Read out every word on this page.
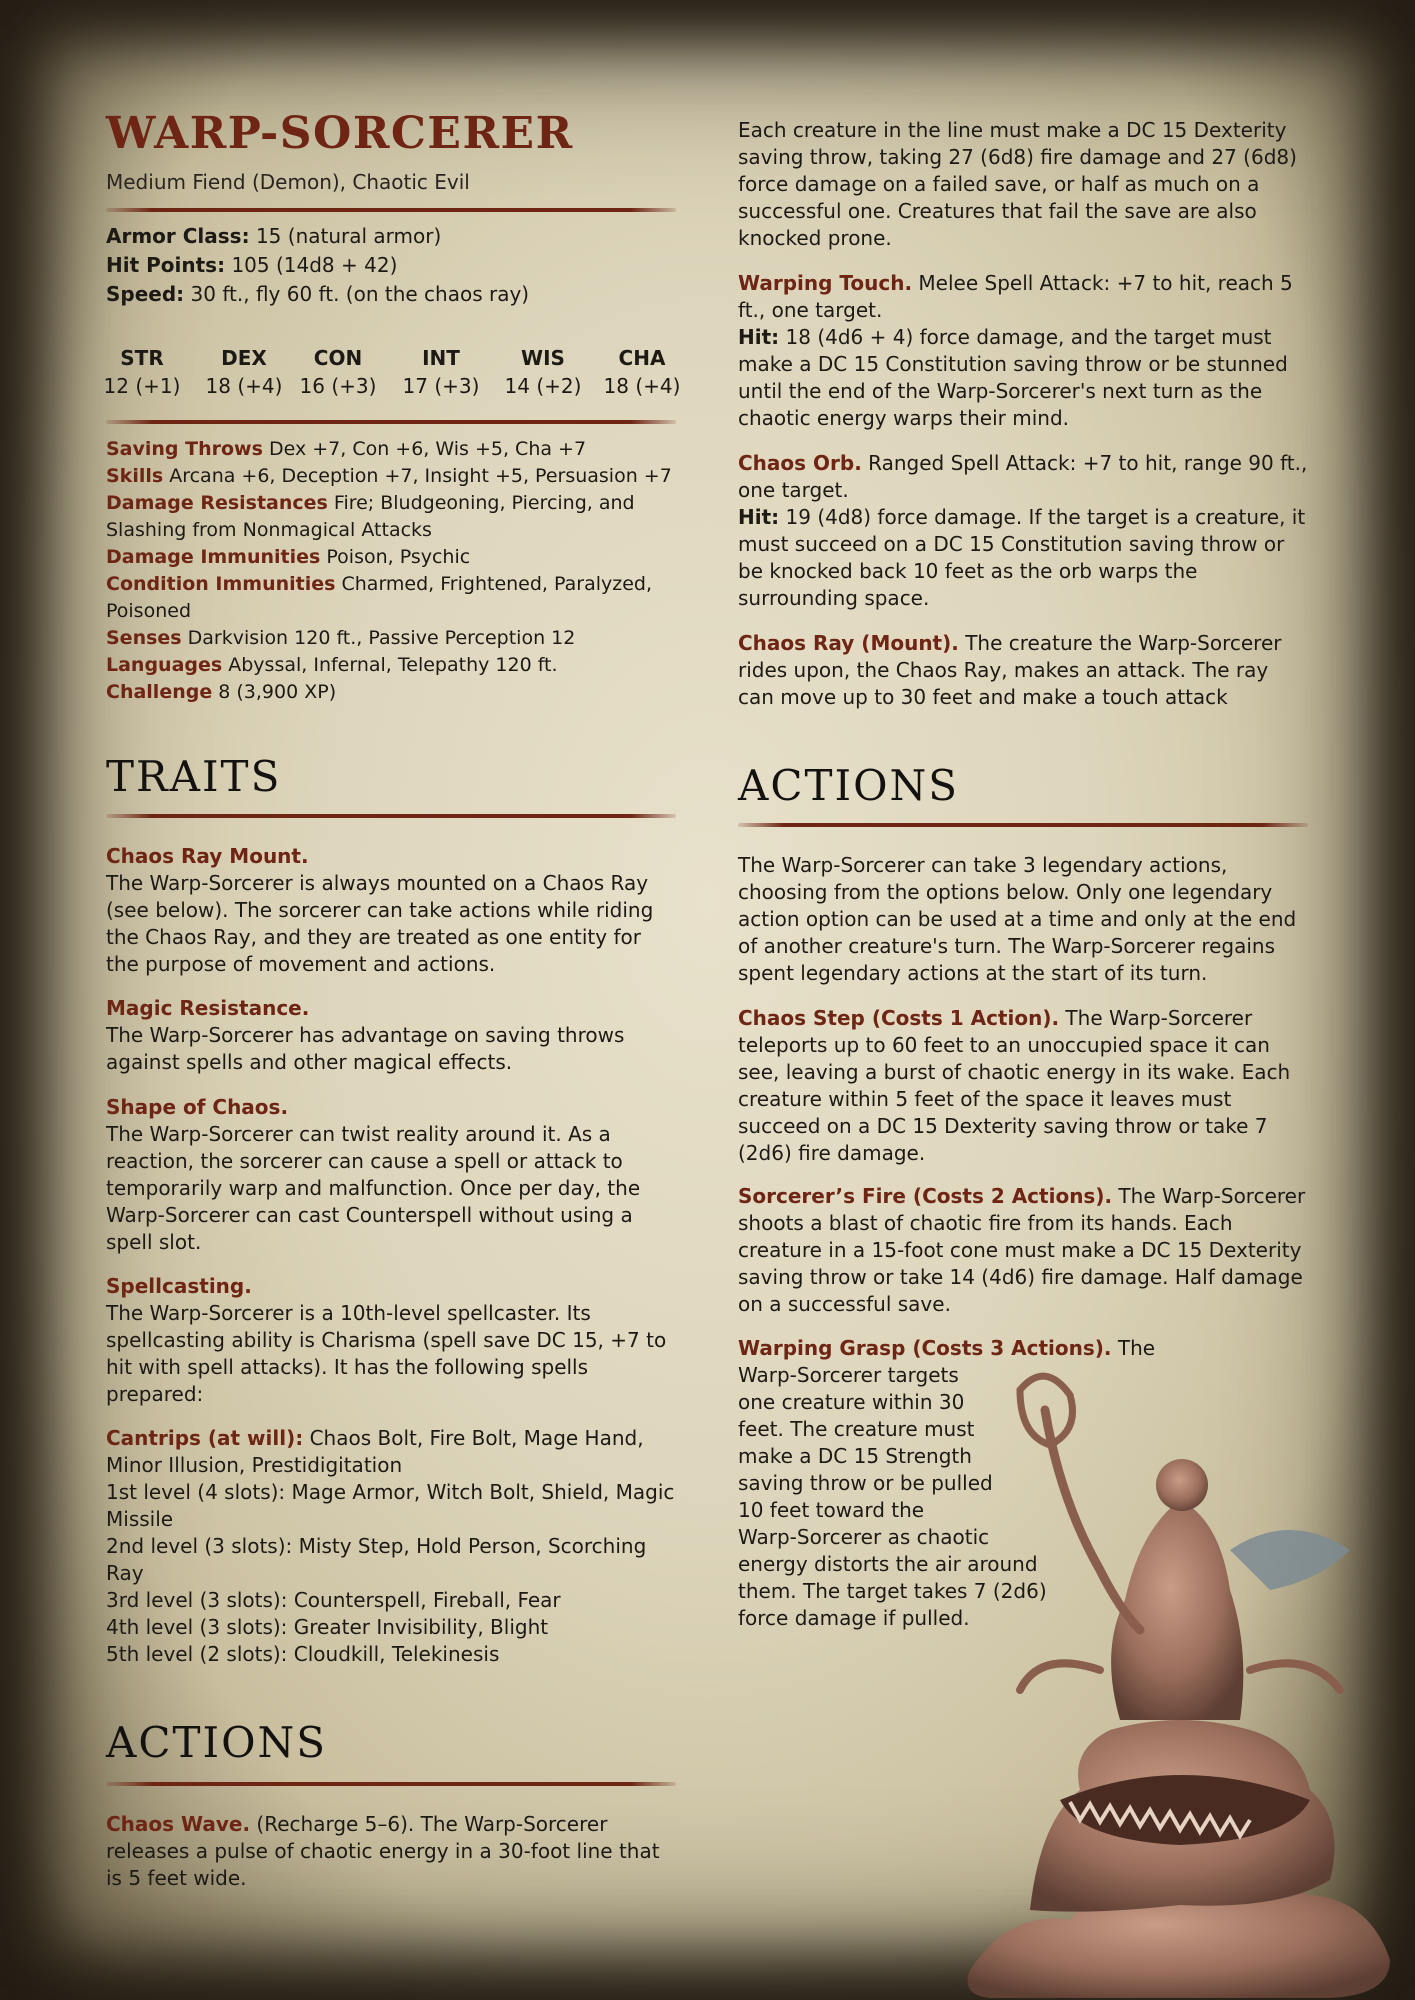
WARP-SORCERER
Medium Fiend (Demon), Chaotic Evil
Armor Class: 15 (natural armor)
Hit Points: 105 (14d8 + 42)
Speed: 30 ft., fly 60 ft. (on the chaos ray)
STR
12 (+1)
DEX
18 (+4)
CON
16 (+3)
INT
17 (+3)
WIS
14 (+2)
CHA
18 (+4)

Saving Throws Dex +7, Con +6, Wis +5, Cha +7

Skills Arcana +6, Deception +7, Insight +5, Persuasion +7

Damage Resistances Fire; Bludgeoning, Piercing, and Slashing from Nonmagical Attacks

Damage Immunities Poison, Psychic

Condition Immunities Charmed, Frightened, Paralyzed, Poisoned

Senses Darkvision 120 ft., Passive Perception 12

Languages Abyssal, Infernal, Telepathy 120 ft.

Challenge 8 (3,900 XP)

TRAITS

Chaos Ray Mount.

The Warp-Sorcerer is always mounted on a Chaos Ray (see below). The sorcerer can take actions while riding the Chaos Ray, and they are treated as one entity for the purpose of movement and actions.

Magic Resistance.

The Warp-Sorcerer has advantage on saving throws against spells and other magical effects.

Shape of Chaos.

The Warp-Sorcerer can twist reality around it. As a reaction, the sorcerer can cause a spell or attack to temporarily warp and malfunction. Once per day, the Warp-Sorcerer can cast Counterspell without using a spell slot.

Spellcasting.

The Warp-Sorcerer is a 10th-level spellcaster. Its spellcasting ability is Charisma (spell save DC 15, +7 to hit with spell attacks). It has the following spells prepared:

Cantrips (at will): Chaos Bolt, Fire Bolt, Mage Hand, Minor Illusion, Prestidigitation

1st level (4 slots): Mage Armor, Witch Bolt, Shield, Magic Missile

2nd level (3 slots): Misty Step, Hold Person, Scorching Ray

3rd level (3 slots): Counterspell, Fireball, Fear

4th level (3 slots): Greater Invisibility, Blight

5th level (2 slots): Cloudkill, Telekinesis

ACTIONS

Chaos Wave. (Recharge 5–6). The Warp-Sorcerer releases a pulse of chaotic energy in a 30-foot line that is 5 feet wide.

Each creature in the line must make a DC 15 Dexterity saving throw, taking 27 (6d8) fire damage and 27 (6d8) force damage on a failed save, or half as much on a successful one. Creatures that fail the save are also knocked prone.

Warping Touch. Melee Spell Attack: +7 to hit, reach 5 ft., one target.

Hit: 18 (4d6 + 4) force damage, and the target must make a DC 15 Constitution saving throw or be stunned until the end of the Warp-Sorcerer's next turn as the chaotic energy warps their mind.

Chaos Orb. Ranged Spell Attack: +7 to hit, range 90 ft., one target.

Hit: 19 (4d8) force damage. If the target is a creature, it must succeed on a DC 15 Constitution saving throw or be knocked back 10 feet as the orb warps the surrounding space.

Chaos Ray (Mount). The creature the Warp-Sorcerer rides upon, the Chaos Ray, makes an attack. The ray can move up to 30 feet and make a touch attack

ACTIONS

The Warp-Sorcerer can take 3 legendary actions, choosing from the options below. Only one legendary action option can be used at a time and only at the end of another creature's turn. The Warp-Sorcerer regains spent legendary actions at the start of its turn.

Chaos Step (Costs 1 Action). The Warp-Sorcerer teleports up to 60 feet to an unoccupied space it can see, leaving a burst of chaotic energy in its wake. Each creature within 5 feet of the space it leaves must succeed on a DC 15 Dexterity saving throw or take 7 (2d6) fire damage.

Sorcerer’s Fire (Costs 2 Actions). The Warp-Sorcerer shoots a blast of chaotic fire from its hands. Each creature in a 15-foot cone must make a DC 15 Dexterity saving throw or take 14 (4d6) fire damage. Half damage on a successful save.

Warping Grasp (Costs 3 Actions). The

Warp-Sorcerer targets

one creature within 30

feet. The creature must

make a DC 15 Strength

saving throw or be pulled

10 feet toward the

Warp-Sorcerer as chaotic

energy distorts the air around

them. The target takes 7 (2d6)

force damage if pulled.
